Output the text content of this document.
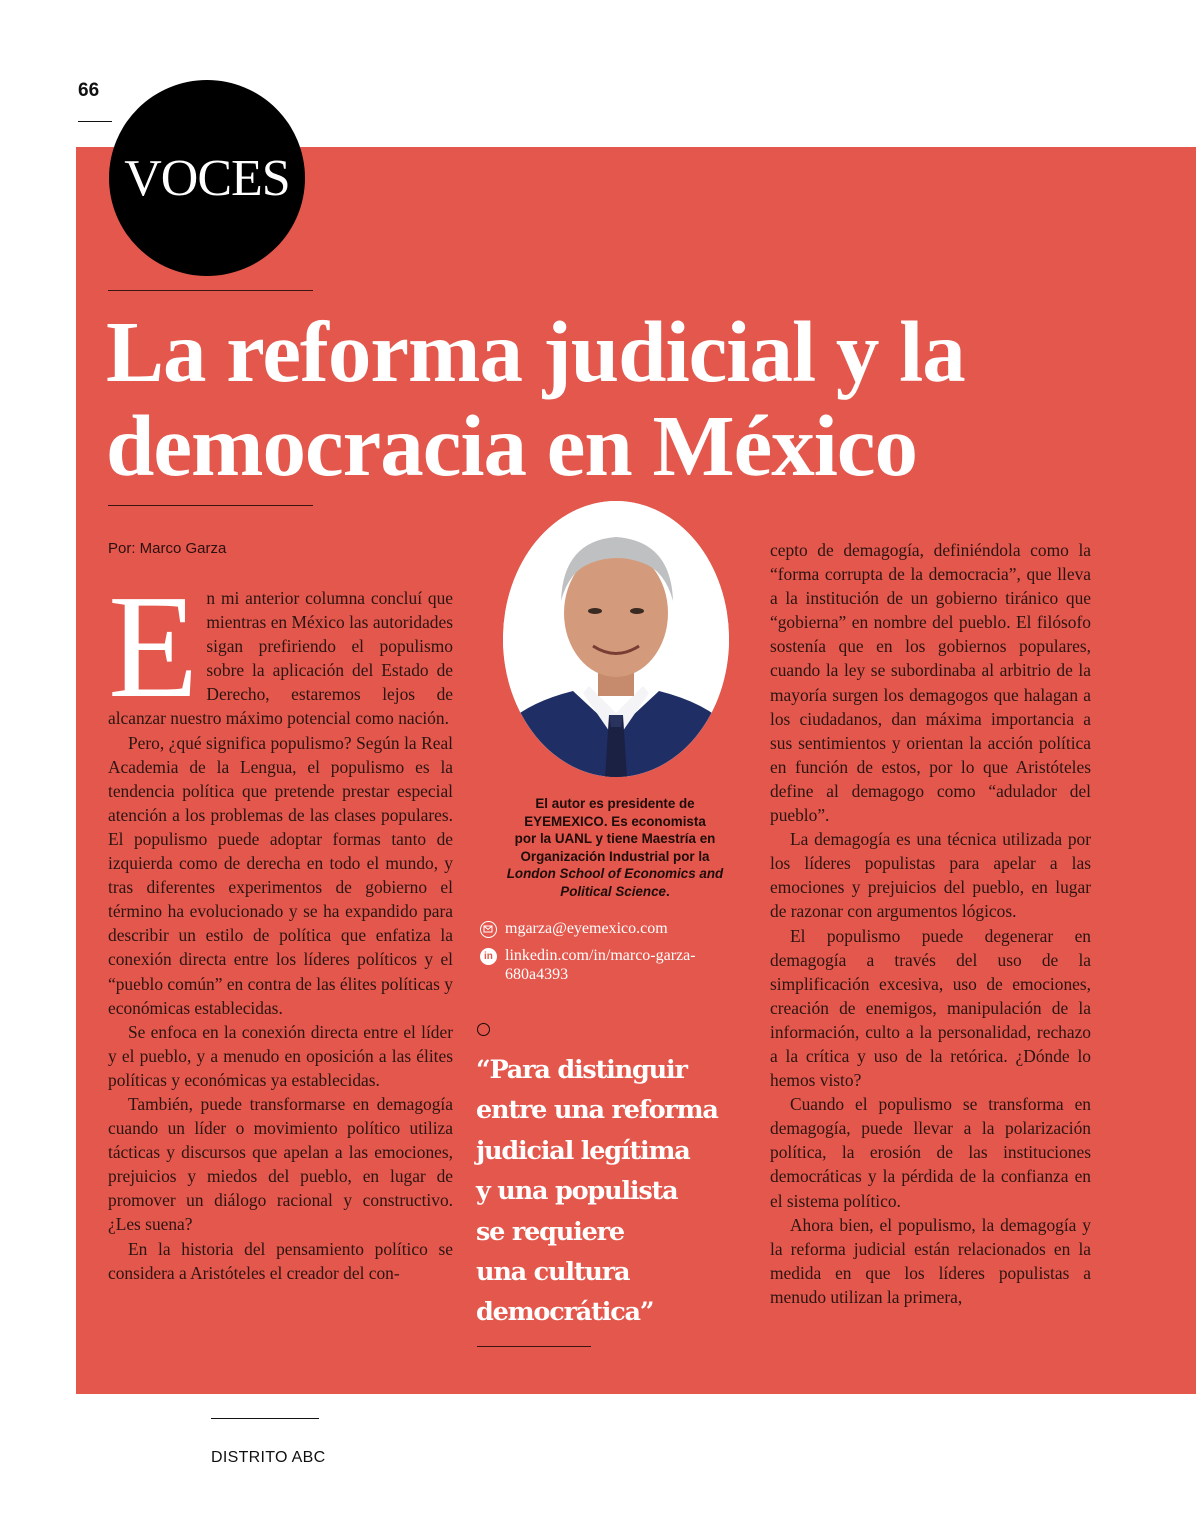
66
VOCES
La reforma judicial y la
democracia en México
Por: Marco Garza

En mi anterior columna concluí que mientras en México las autoridades sigan prefiriendo el populismo sobre la aplicación del Estado de Derecho, estaremos lejos de alcanzar nuestro máximo potencial como nación.

Pero, ¿qué significa populismo? Según la Real Academia de la Lengua, el populismo es la tendencia política que pretende prestar especial atención a los problemas de las clases populares. El populismo puede adoptar formas tanto de izquierda como de derecha en todo el mundo, y tras diferentes experimentos de gobierno el término ha evolucionado y se ha expandido para describir un estilo de política que enfatiza la conexión directa entre los líderes políticos y el “pueblo común” en contra de las élites políticas y económicas establecidas.

Se enfoca en la conexión directa entre el líder y el pueblo, y a menudo en oposición a las élites políticas y económicas ya establecidas.

También, puede transformarse en demagogía cuando un líder o movimiento político utiliza tácticas y discursos que apelan a las emociones, prejuicios y miedos del pueblo, en lugar de promover un diálogo racional y constructivo. ¿Les suena?

En la historia del pensamiento político se considera a Aristóteles el creador del con-

El autor es presidente de
EYEMEXICO. Es economista
por la UANL y tiene Maestría en
Organización Industrial por la
London School of Economics and
Political Science.
mgarza@eyemexico.com
in linkedin.com/in/marco-garza-
680a4393
“Para distinguir
entre una reforma
judicial legítima
y una populista
se requiere
una cultura
democrática”

cepto de demagogía, definiéndola como la “forma corrupta de la democracia”, que lleva a la institución de un gobierno tiránico que “gobierna” en nombre del pueblo. El filósofo sostenía que en los gobiernos populares, cuando la ley se subordinaba al arbitrio de la mayoría surgen los demagogos que halagan a los ciudadanos, dan máxima importancia a sus sentimientos y orientan la acción política en función de estos, por lo que Aristóteles define al demagogo como “adulador del pueblo”.

La demagogía es una técnica utilizada por los líderes populistas para apelar a las emociones y prejuicios del pueblo, en lugar de razonar con argumentos lógicos.

El populismo puede degenerar en demagogía a través del uso de la simplificación excesiva, uso de emociones, creación de enemigos, manipulación de la información, culto a la personalidad, rechazo a la crítica y uso de la retórica. ¿Dónde lo hemos visto?

Cuando el populismo se transforma en demagogía, puede llevar a la polarización política, la erosión de las instituciones democráticas y la pérdida de la confianza en el sistema político.

Ahora bien, el populismo, la demagogía y la reforma judicial están relacionados en la medida en que los líderes populistas a menudo utilizan la primera,

DISTRITO ABC
